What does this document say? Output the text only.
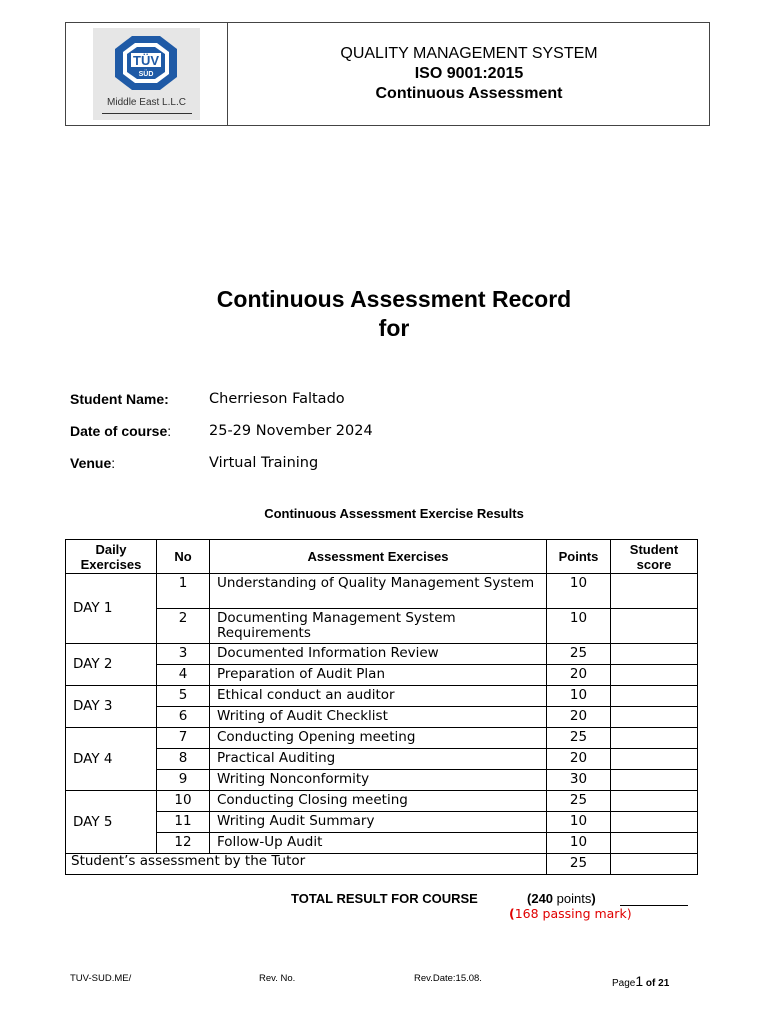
TÜV
SÜD
Middle East L.L.C
QUALITY MANAGEMENT SYSTEM
ISO 9001:2015
Continuous Assessment
Continuous Assessment Record
for
Student Name:	Cherrieson Faltado
Date of course:	25-29 November 2024
Venue:	Virtual Training
Continuous Assessment Exercise Results
Daily Exercises	No	Assessment Exercises	Points	Student score
DAY 1	1	Understanding of Quality Management System	10	
	2	Documenting Management System Requirements	10	
DAY 2	3	Documented Information Review	25	
	4	Preparation of Audit Plan	20	
DAY 3	5	Ethical conduct an auditor	10	
	6	Writing of Audit Checklist	20	
DAY 4	7	Conducting Opening meeting	25	
	8	Practical Auditing	20	
	9	Writing Nonconformity	30	
DAY 5	10	Conducting Closing meeting	25	
	11	Writing Audit Summary	10	
	12	Follow-Up Audit	10	
Student’s assessment by the Tutor			25	
TOTAL RESULT FOR COURSE	(240 points)
(168 passing mark)
TUV-SUD.ME/	Rev. No.	Rev.Date:15.08.	Page1 of 21
